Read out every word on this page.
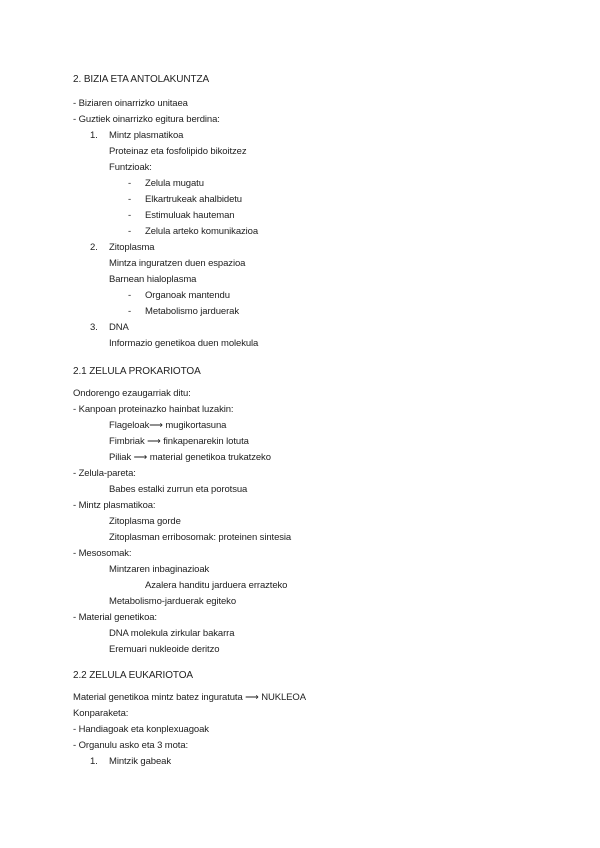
2. BIZIA ETA ANTOLAKUNTZA
- Biziaren oinarrizko unitaea
- Guztiek oinarrizko egitura berdina:
1. Mintz plasmatikoa
Proteinaz eta fosfolipido bikoitzez
Funtzioak:
- Zelula mugatu
- Elkartrukeak ahalbidetu
- Estimuluak hauteman
- Zelula arteko komunikazioa
2. Zitoplasma
Mintza inguratzen duen espazioa
Barnean hialoplasma
- Organoak mantendu
- Metabolismo jarduerak
3. DNA
Informazio genetikoa duen molekula
2.1 ZELULA PROKARIOTOA
Ondorengo ezaugarriak ditu:
- Kanpoan proteinazko hainbat luzakin:
Flageloak⟶ mugikortasuna
Fimbriak ⟶ finkapenarekin lotuta
Piliak ⟶ material genetikoa trukatzeko
- Zelula-pareta:
Babes estalki zurrun eta porotsua
- Mintz plasmatikoa:
Zitoplasma gorde
Zitoplasman erribosomak: proteinen sintesia
- Mesosomak:
Mintzaren inbaginazioak
Azalera handitu jarduera errazteko
Metabolismo-jarduerak egiteko
- Material genetikoa:
DNA molekula zirkular bakarra
Eremuari nukleoide deritzo
2.2 ZELULA EUKARIOTOA
Material genetikoa mintz batez inguratuta ⟶ NUKLEOA
Konparaketa:
- Handiagoak eta konplexuagoak
- Organulu asko eta 3 mota:
1. Mintzik gabeak
